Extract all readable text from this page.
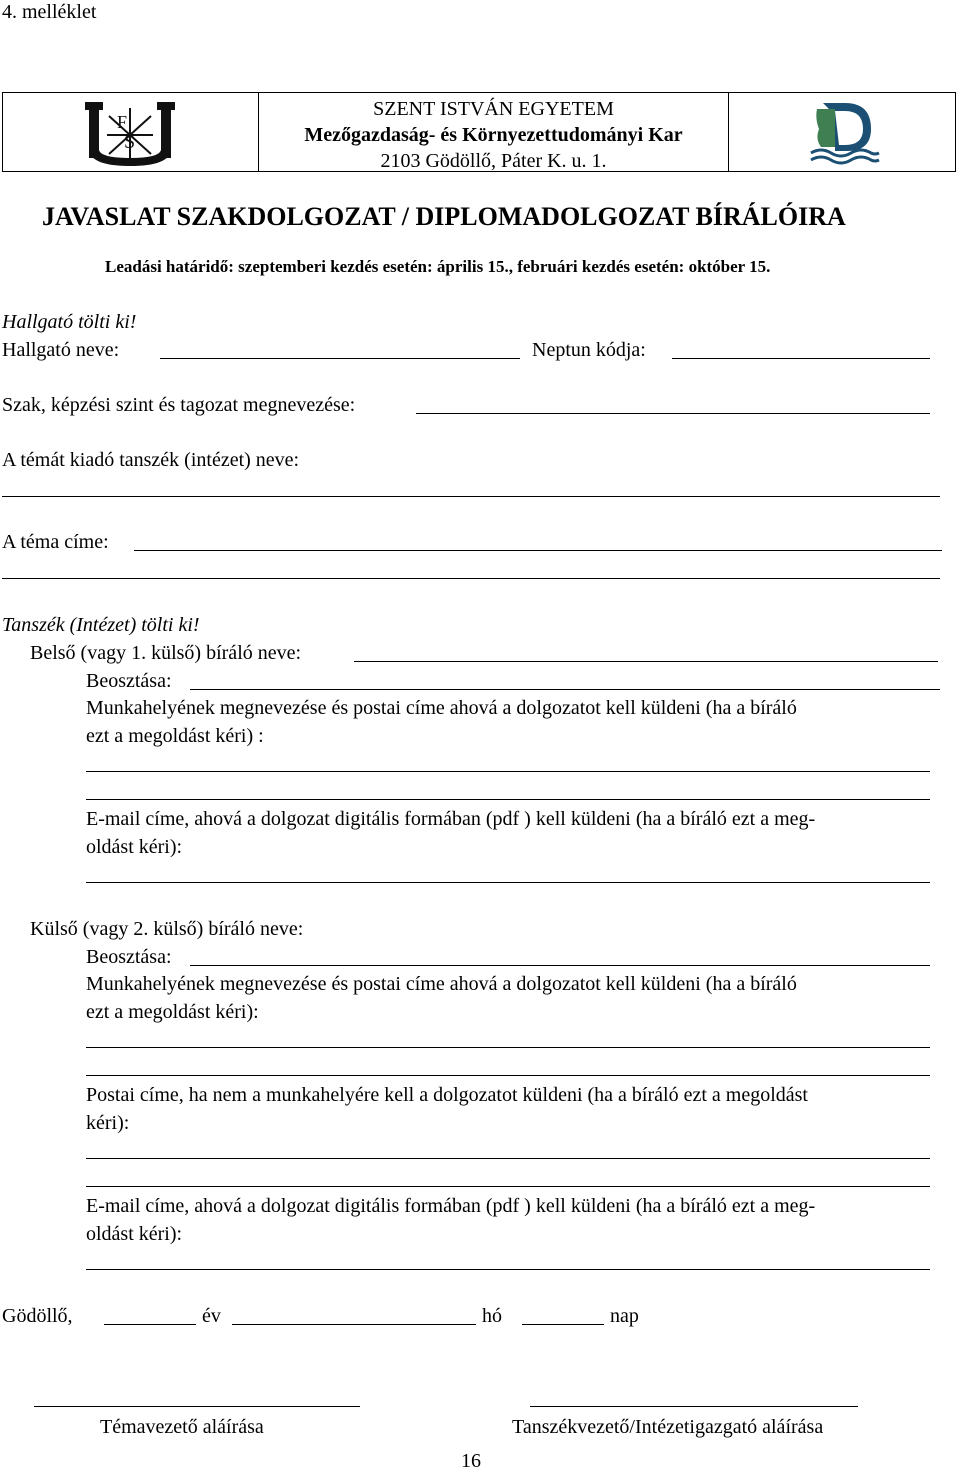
4. melléklet
F
S
SZENT ISTVÁN EGYETEM
Mezőgazdaság- és Környezettudományi Kar
2103 Gödöllő, Páter K. u. 1.
JAVASLAT SZAKDOLGOZAT / DIPLOMADOLGOZAT BÍRÁLÓIRA
Leadási határidő: szeptemberi kezdés esetén: április 15., februári kezdés esetén: október 15.
Hallgató tölti ki!
Hallgató neve:	Neptun kódja:
Szak, képzési szint és tagozat megnevezése:
A témát kiadó tanszék (intézet) neve:
A téma címe:
Tanszék (Intézet) tölti ki!
Belső (vagy 1. külső) bíráló neve:
Beosztása:
Munkahelyének megnevezése és postai címe ahová a dolgozatot kell küldeni (ha a bíráló
ezt a megoldást kéri) :
E-mail címe, ahová a dolgozat digitális formában (pdf ) kell küldeni (ha a bíráló ezt a meg-
oldást kéri):
Külső (vagy 2. külső) bíráló neve:
Beosztása:
Munkahelyének megnevezése és postai címe ahová a dolgozatot kell küldeni (ha a bíráló
ezt a megoldást kéri):
Postai címe, ha nem a munkahelyére kell a dolgozatot küldeni (ha a bíráló ezt a megoldást
kéri):
E-mail címe, ahová a dolgozat digitális formában (pdf ) kell küldeni (ha a bíráló ezt a meg-
oldást kéri):
Gödöllő,	év	hó	nap
Témavezető aláírása	Tanszékvezető/Intézetigazgató aláírása
16
